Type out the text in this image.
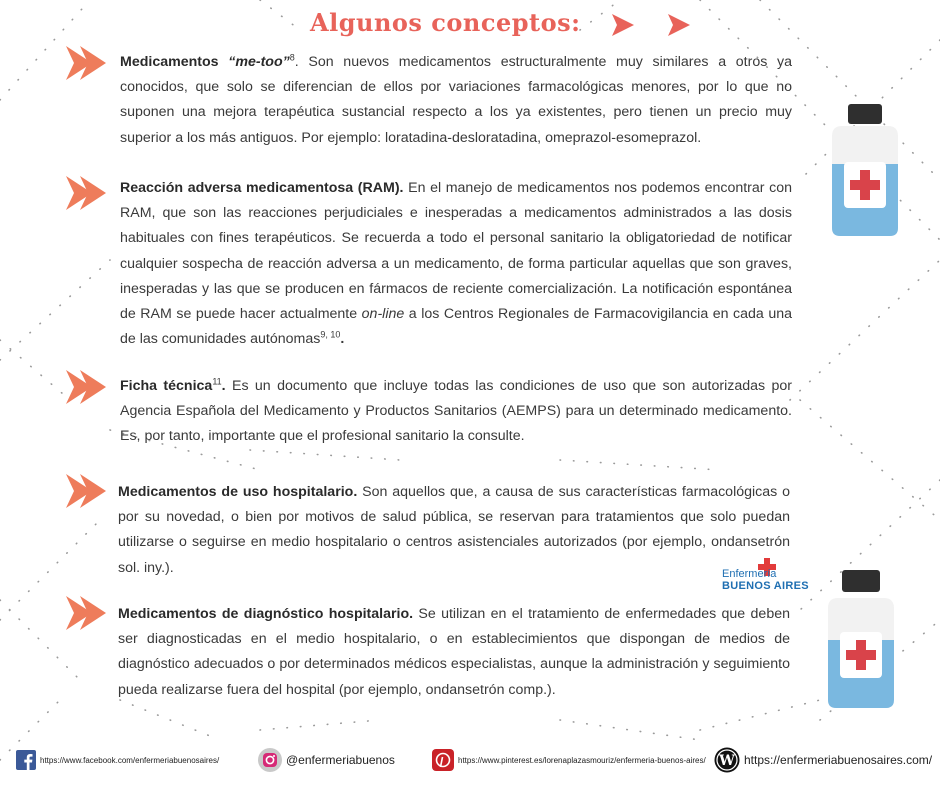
Algunos conceptos:
Medicamentos “me-too”$^8$. Son nuevos medicamentos estructuralmente muy similares a otros ya conocidos, que solo se diferencian de ellos por variaciones farmacológicas menores, por lo que no suponen una mejora terapéutica sustancial respecto a los ya existentes, pero tienen un precio muy superior a los más antiguos. Por ejemplo: loratadina-desloratadina, omeprazol-esomeprazol.
Reacción adversa medicamentosa (RAM). En el manejo de medicamentos nos podemos encontrar con RAM, que son las reacciones perjudiciales e inesperadas a medicamentos administrados a las dosis habituales con fines terapéuticos. Se recuerda a todo el personal sanitario la obligatoriedad de notificar cualquier sospecha de reacción adversa a un medicamento, de forma particular aquellas que son graves, inesperadas y las que se producen en fármacos de reciente comercialización. La notificación espontánea de RAM se puede hacer actualmente on-line a los Centros Regionales de Farmacovigilancia en cada una de las comunidades autónomas$^{9, 10}$.
Ficha técnica$^{11}$. Es un documento que incluye todas las condiciones de uso que son autorizadas por Agencia Española del Medicamento y Productos Sanitarios (AEMPS) para un determinado medicamento. Es, por tanto, importante que el profesional sanitario la consulte.
Medicamentos de uso hospitalario. Son aquellos que, a causa de sus características farmacológicas o por su novedad, o bien por motivos de salud pública, se reservan para tratamientos que solo puedan utilizarse o seguirse en medio hospitalario o centros asistenciales autorizados (por ejemplo, ondansetrón sol. iny.).
Medicamentos de diagnóstico hospitalario. Se utilizan en el tratamiento de enfermedades que deben ser diagnosticadas en el medio hospitalario, o en establecimientos que dispongan de medios de diagnóstico adecuados o por determinados médicos especialistas, aunque la administración y seguimiento pueda realizarse fuera del hospital (por ejemplo, ondansetrón comp.).
Enfermería
BUENOS AIRES
https://www.facebook.com/enfermeriabuenosaires/	@enfermeriabuenos	https://www.pinterest.es/lorenaplazasmouriz/enfermeria-buenos-aires/ W https://enfermeriabuenosaires.com/
